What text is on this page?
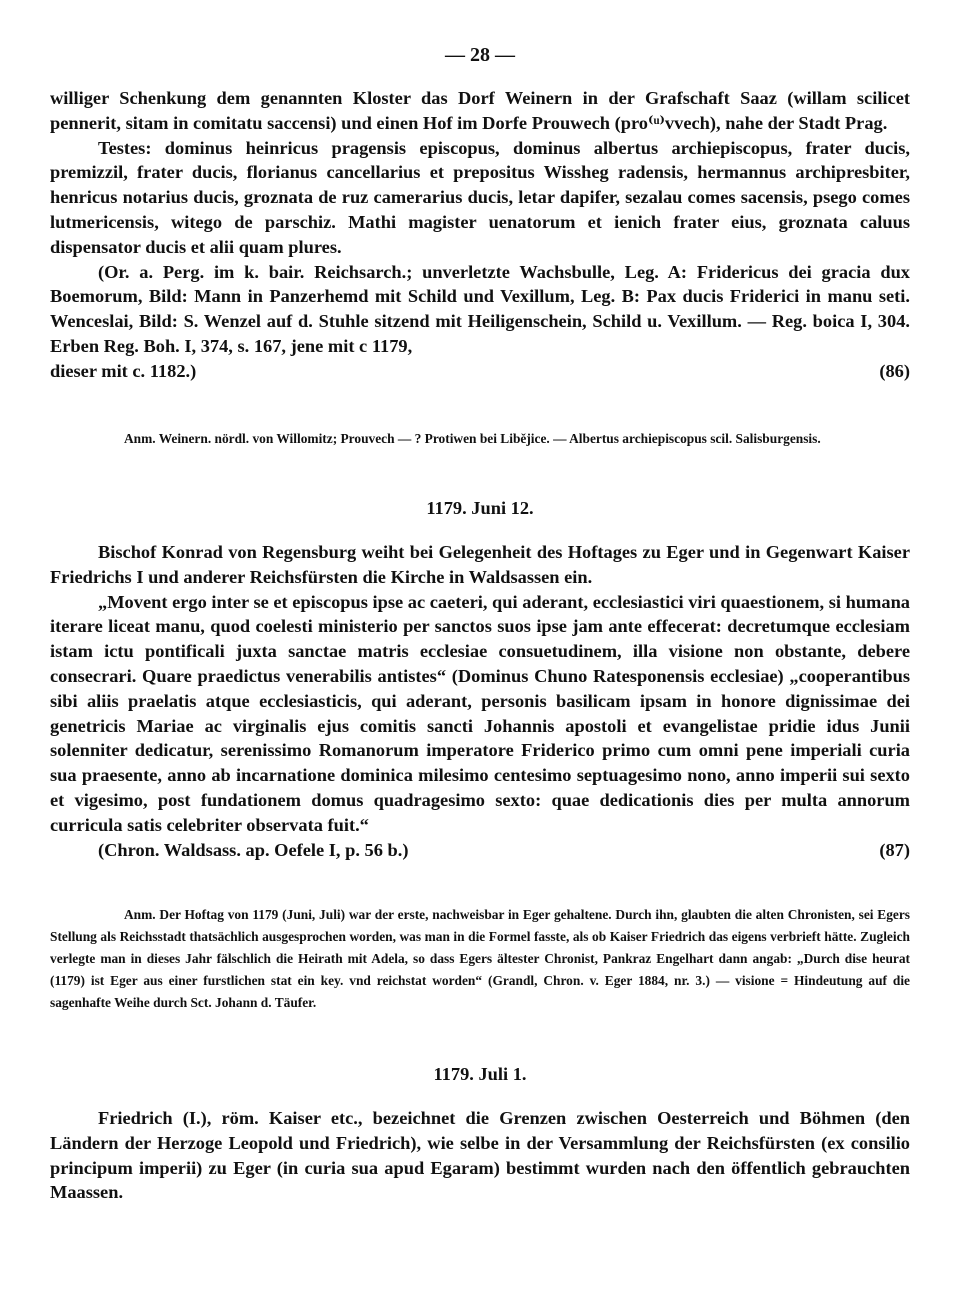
— 28 —

williger Schenkung dem genannten Kloster das Dorf Weinern in der Grafschaft Saaz (willam scilicet pennerit, sitam in comitatu saccensi) und einen Hof im Dorfe Prouwech (pro⁽ᵘ⁾vvech), nahe der Stadt Prag.

Testes: dominus heinricus pragensis episcopus, dominus albertus archiepiscopus, frater ducis, premizzil, frater ducis, florianus cancellarius et prepositus Wissheg radensis, hermannus archipresbiter, henricus notarius ducis, groznata de ruz camerarius ducis, letar dapifer, sezalau comes sacensis, psego comes lutmericensis, witego de parschiz. Mathi magister uenatorum et ienich frater eius, groznata caluus dispensator ducis et alii quam plures.

(Or. a. Perg. im k. bair. Reichsarch.; unverletzte Wachsbulle, Leg. A: Fridericus dei gracia dux Boemorum, Bild: Mann in Panzerhemd mit Schild und Vexillum, Leg. B: Pax ducis Friderici in manu seti. Wenceslai, Bild: S. Wenzel auf d. Stuhle sitzend mit Heiligenschein, Schild u. Vexillum. — Reg. boica I, 304. Erben Reg. Boh. I, 374, s. 167, jene mit c 1179,

dieser mit c. 1182.)	(86)

Anm. Weinern. nördl. von Willomitz; Prouvech — ? Protiwen bei Libějice. — Albertus archiepiscopus scil. Salisburgensis.

1179. Juni 12.

Bischof Konrad von Regensburg weiht bei Gelegenheit des Hoftages zu Eger und in Gegenwart Kaiser Friedrichs I und anderer Reichsfürsten die Kirche in Waldsassen ein.

„Movent ergo inter se et episcopus ipse ac caeteri, qui aderant, ecclesiastici viri quaestionem, si humana iterare liceat manu, quod coelesti ministerio per sanctos suos ipse jam ante effecerat: decretumque ecclesiam istam ictu pontificali juxta sanctae matris ecclesiae consuetudinem, illa visione non obstante, debere consecrari. Quare praedictus venerabilis antistes“ (Dominus Chuno Ratesponensis ecclesiae) „cooperantibus sibi aliis praelatis atque ecclesiasticis, qui aderant, personis basilicam ipsam in honore dignissimae dei genetricis Mariae ac virginalis ejus comitis sancti Johannis apostoli et evangelistae pridie idus Junii solenniter dedicatur, serenissimo Romanorum imperatore Friderico primo cum omni pene imperiali curia sua praesente, anno ab incarnatione dominica milesimo centesimo septuagesimo nono, anno imperii sui sexto et vigesimo, post fundationem domus quadragesimo sexto: quae dedicationis dies per multa annorum curricula satis celebriter observata fuit.“

(Chron. Waldsass. ap. Oefele I, p. 56 b.)	(87)

Anm. Der Hoftag von 1179 (Juni, Juli) war der erste, nachweisbar in Eger gehaltene. Durch ihn, glaubten die alten Chronisten, sei Egers Stellung als Reichsstadt thatsächlich ausgesprochen worden, was man in die Formel fasste, als ob Kaiser Friedrich das eigens verbrieft hätte. Zugleich verlegte man in dieses Jahr fälschlich die Heirath mit Adela, so dass Egers ältester Chronist, Pankraz Engelhart dann angab: „Durch dise heurat (1179) ist Eger aus einer furstlichen stat ein key. vnd reichstat worden“ (Grandl, Chron. v. Eger 1884, nr. 3.) — visione = Hindeutung auf die sagenhafte Weihe durch Sct. Johann d. Täufer.

1179. Juli 1.

Friedrich (I.), röm. Kaiser etc., bezeichnet die Grenzen zwischen Oesterreich und Böhmen (den Ländern der Herzoge Leopold und Friedrich), wie selbe in der Versammlung der Reichsfürsten (ex consilio principum imperii) zu Eger (in curia sua apud Egaram) bestimmt wurden nach den öffentlich gebrauchten Maassen.
